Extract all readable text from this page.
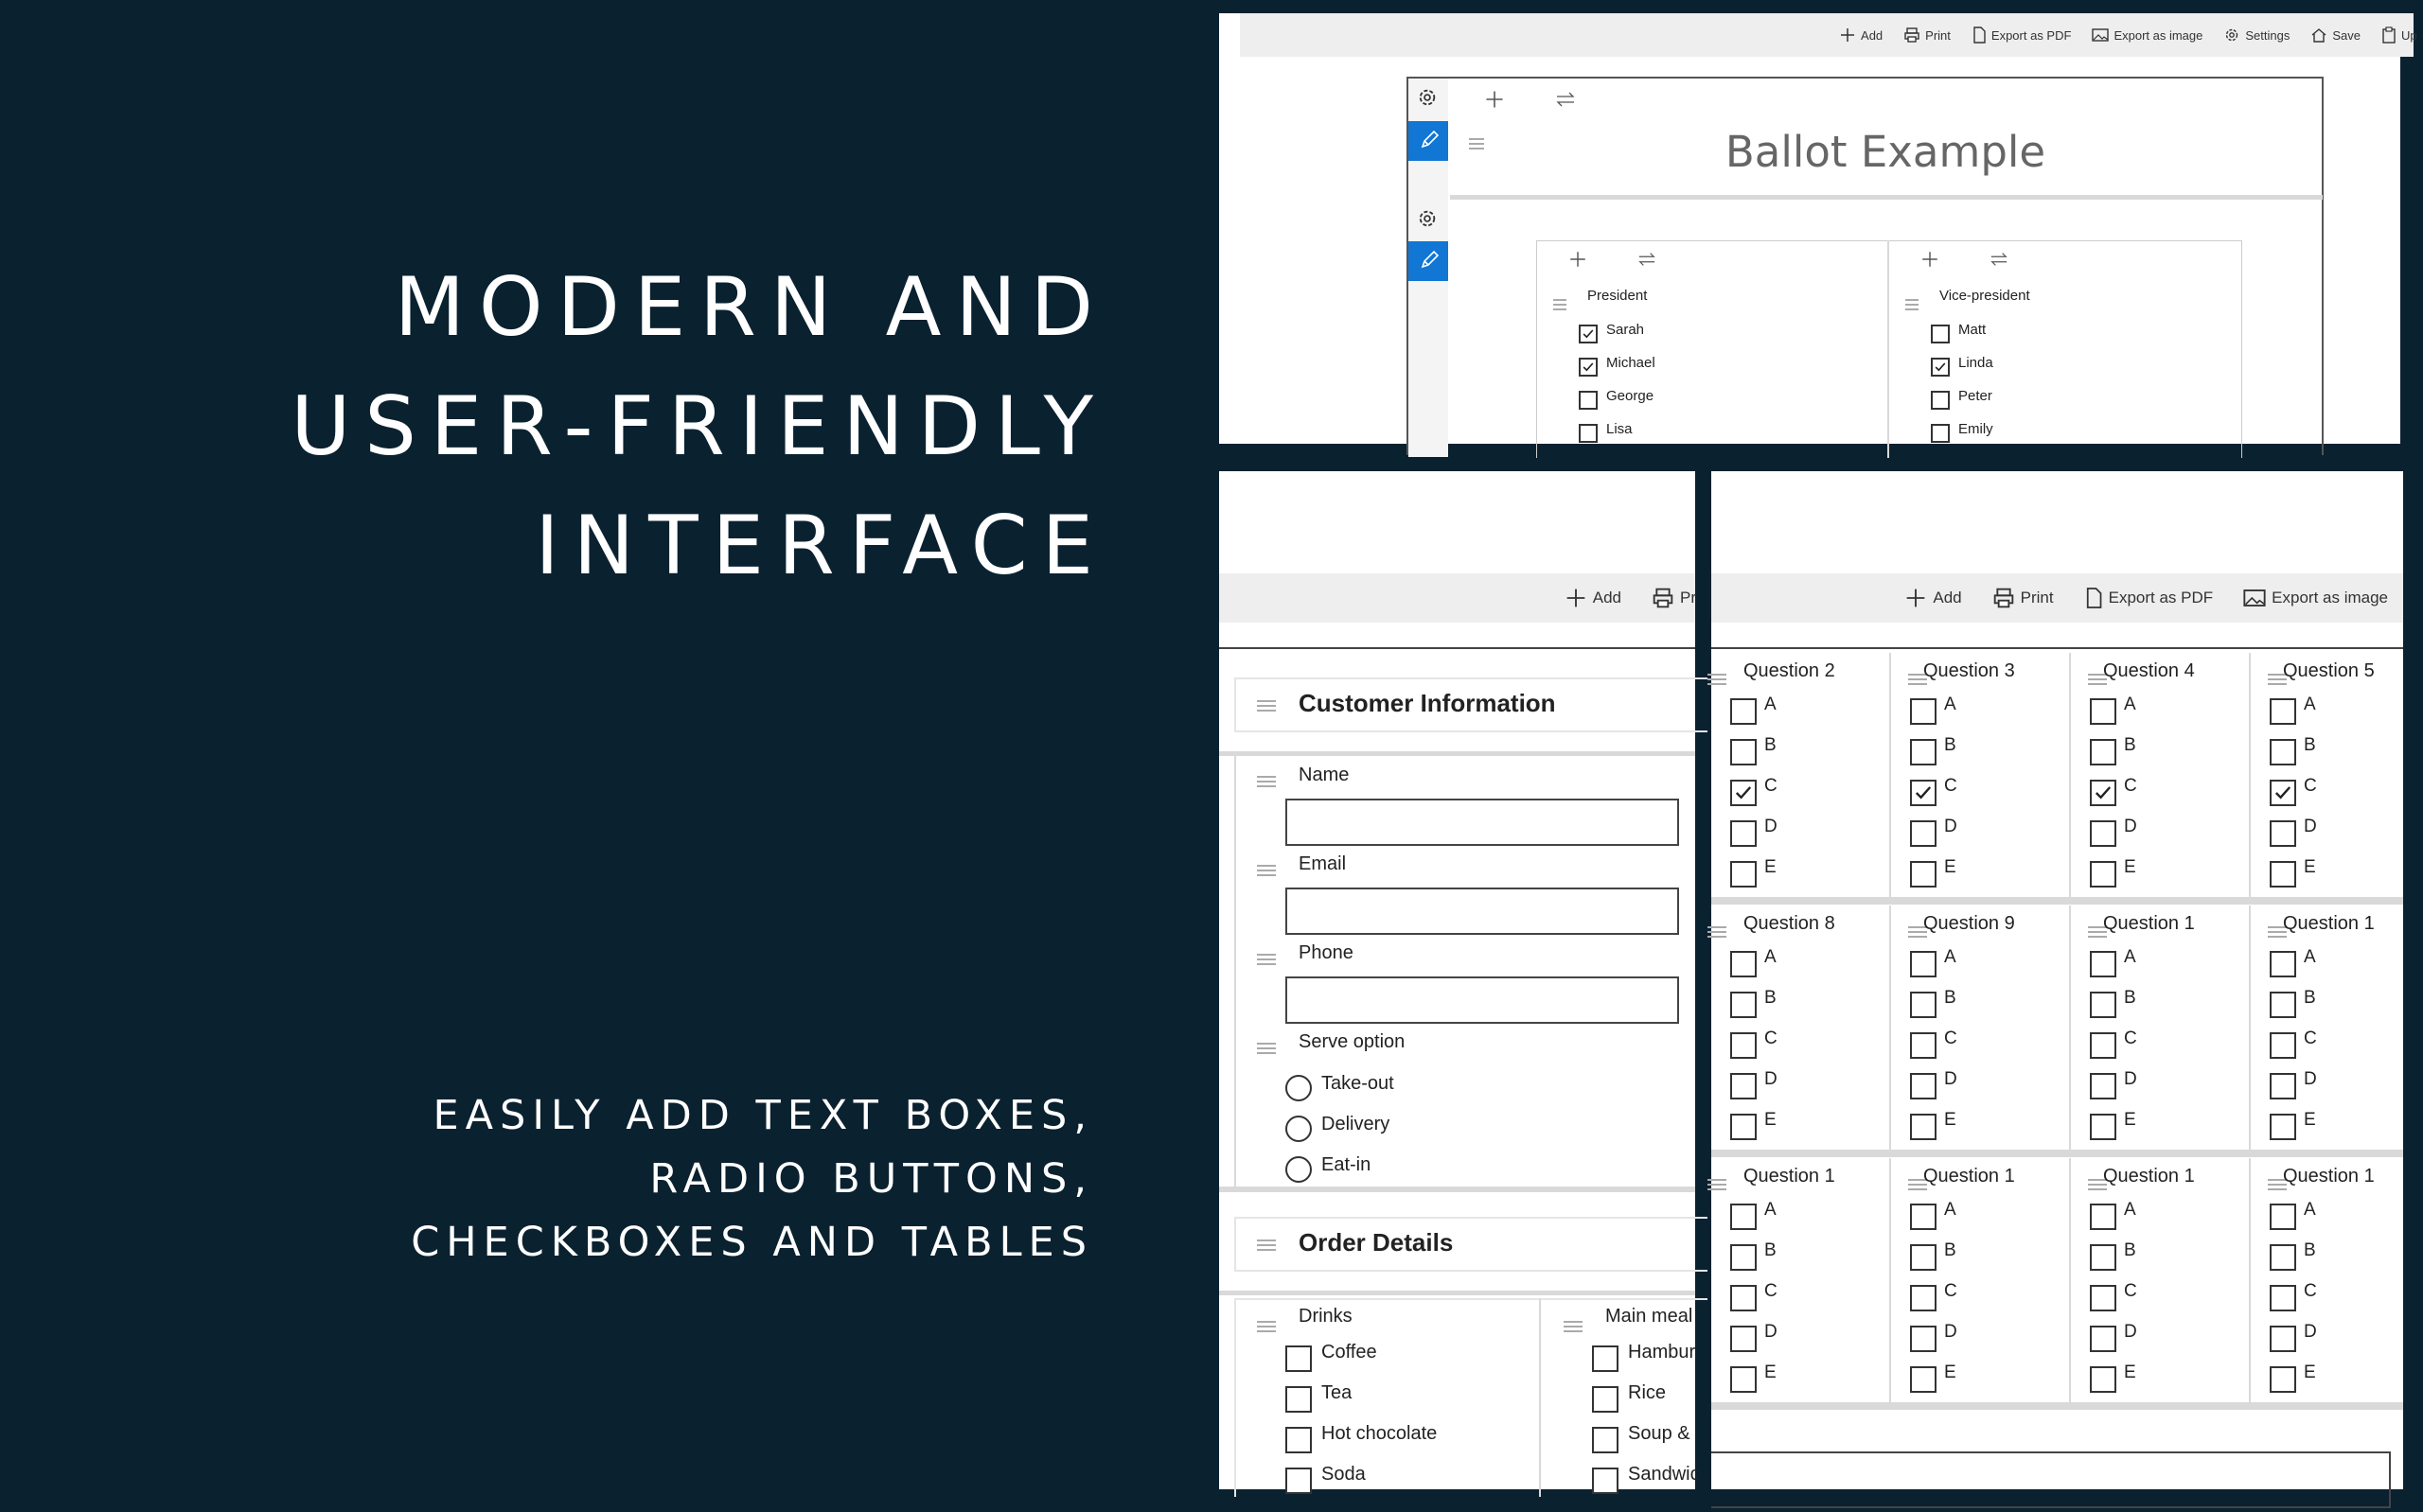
MODERN AND
USER-FRIENDLY
INTERFACE
EASILY ADD TEXT BOXES,
RADIO BUTTONS,
CHECKBOXES AND TABLES
Add	Print	Export as PDF	Export as image	Settings	Save	Up
Ballot Example
President
Sarah
Michael
George
Lisa
Vice-president
Matt
Linda
Peter
Emily
Add	Pr
Customer Information
Name
Email
Phone
Serve option
Take-out
Delivery
Eat-in
Order Details
Drinks
Coffee
Tea
Hot chocolate
Soda
Main meal
Hambur
Rice
Soup &
Sandwic
Add	Print	Export as PDF	Export as image
Question 2
A
B
C
D
E
Question 3
A
B
C
D
E
Question 4
A
B
C
D
E
Question 5
A
B
C
D
E
Question 8
A
B
C
D
E
Question 9
A
B
C
D
E
Question 1
A
B
C
D
E
Question 1
A
B
C
D
E
Question 1
A
B
C
D
E
Question 1
A
B
C
D
E
Question 1
A
B
C
D
E
Question 1
A
B
C
D
E
